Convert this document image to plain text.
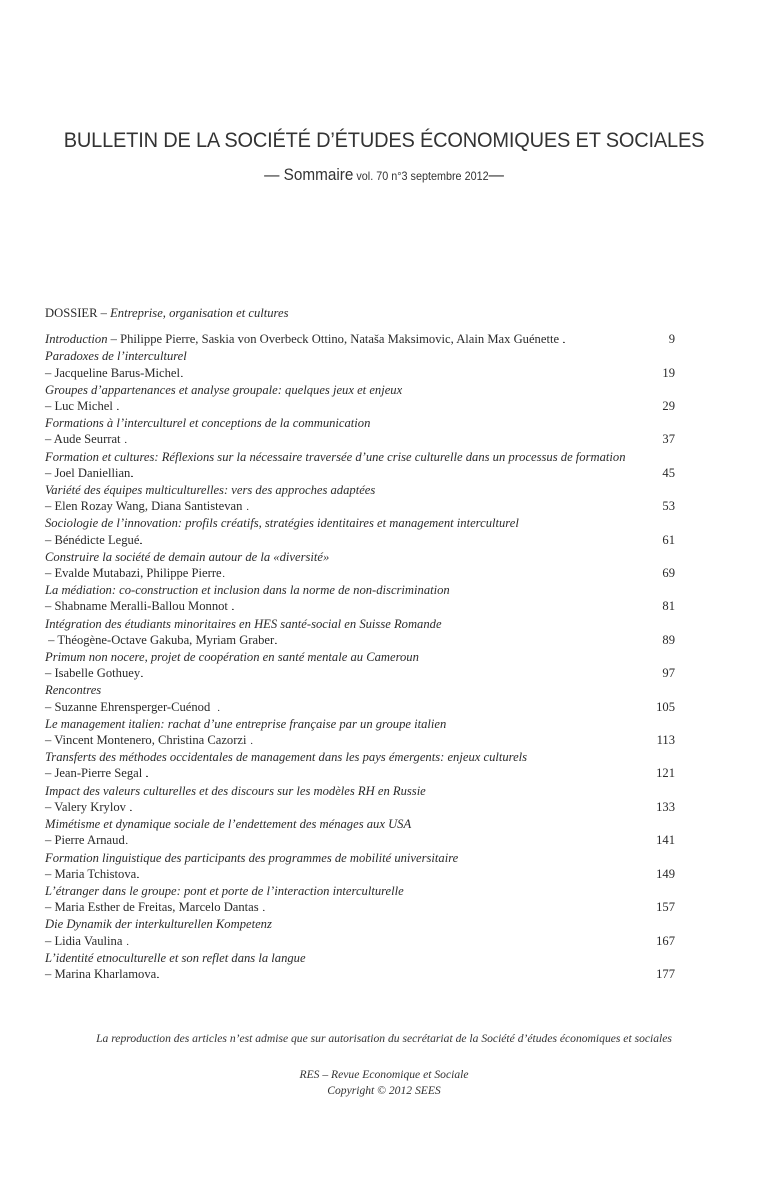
BULLETIN DE LA SOCIÉTÉ D’ÉTUDES ÉCONOMIQUES ET SOCIALES
— Sommaire vol. 70 n°3 septembre 2012—
DOSSIER – Entreprise, organisation et cultures
Introduction – Philippe Pierre, Saskia von Overbeck Ottino, Nataša Maksimovic, Alain Max Guénette . . .	9
Paradoxes de l’interculturel
– Jacqueline Barus-Michel . . .	19
Groupes d’appartenances et analyse groupale: quelques jeux et enjeux
– Luc Michel . . .	29
Formations à l’interculturel et conceptions de la communication
– Aude Seurrat . . .	37
Formation et cultures: Réflexions sur la nécessaire traversée d’une crise culturelle dans un processus de formation
– Joel Daniellian . . .	45
Variété des équipes multiculturelles: vers des approches adaptées
– Elen Rozay Wang, Diana Santistevan . . .	53
Sociologie de l’innovation: profils créatifs, stratégies identitaires et management interculturel
– Bénédicte Legué . . .	61
Construire la société de demain autour de la «diversité»
– Evalde Mutabazi, Philippe Pierre . . .	69
La médiation: co-construction et inclusion dans la norme de non-discrimination
– Shabname Meralli-Ballou Monnot . . .	81
Intégration des étudiants minoritaires en HES santé-social en Suisse Romande
– Théogène-Octave Gakuba, Myriam Graber . . .	89
Primum non nocere, projet de coopération en santé mentale au Cameroun
– Isabelle Gothuey . . .	97
Rencontres
– Suzanne Ehrensperger-Cuénod . . .	105
Le management italien: rachat d’une entreprise française par un groupe italien
– Vincent Montenero, Christina Cazorzi . . .	113
Transferts des méthodes occidentales de management dans les pays émergents: enjeux culturels
– Jean-Pierre Segal . . .	121
Impact des valeurs culturelles et des discours sur les modèles RH en Russie
– Valery Krylov . . .	133
Mimétisme et dynamique sociale de l’endettement des ménages aux USA
– Pierre Arnaud . . .	141
Formation linguistique des participants des programmes de mobilité universitaire
– Maria Tchistova . . .	149
L’étranger dans le groupe: pont et porte de l’interaction interculturelle
– Maria Esther de Freitas, Marcelo Dantas . . .	157
Die Dynamik der interkulturellen Kompetenz
– Lidia Vaulina . . .	167
L’identité etnoculturelle et son reflet dans la langue
– Marina Kharlamova . . .	177
La reproduction des articles n’est admise que sur autorisation du secrétariat de la Société d’études économiques et sociales
RES – Revue Economique et Sociale
Copyright © 2012 SEES
